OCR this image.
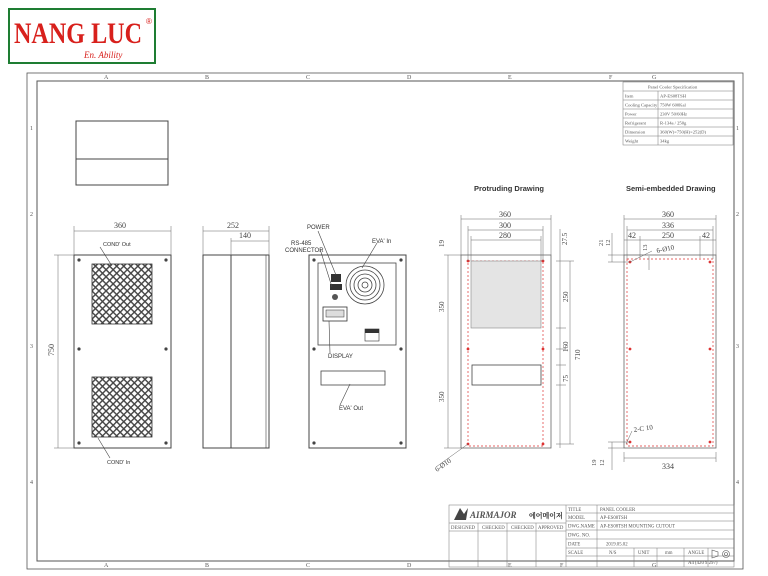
NANG LUC ®
En. Ability
A	B	C	D	E	F	G
A	B	C	D	E	F	G
1
2
3
4
1
2
3
4
Panel Cooler Specification
Item	AP-ES08TSH
Cooling Capacity 750W 600Kal
Power	230V 50/60Hz
Refrigerant	R-134a / 250g
Dimension	360(W)×750(H)×252(D)
Weight	34kg
360
750
COND' Out
COND' In
252
140
POWER
RS-485
CONNECTOR
EVA' In
DISPLAY
EVA' Out
Protruding Drawing
360
300
280	27.5
19
250
350
160
75
350
710
6-Ø10
Semi-embedded Drawing
360
336
42	250	42
21 12
13 6-Ø10
2-C 10
19 12	334
AIRMAJOR 에어메이저
DESIGNED CHECKED CHECKED APPROVED
TITLE	PANEL COOLER
MODEL	AP-ES08TSH
DWG.NAME AP-ES08TSH MOUNTING CUTOUT
DWG. NO.
DATE	2019.05.02
SCALE	N/S	UNIT	mm	ANGLE
A4 (420 x 297)
